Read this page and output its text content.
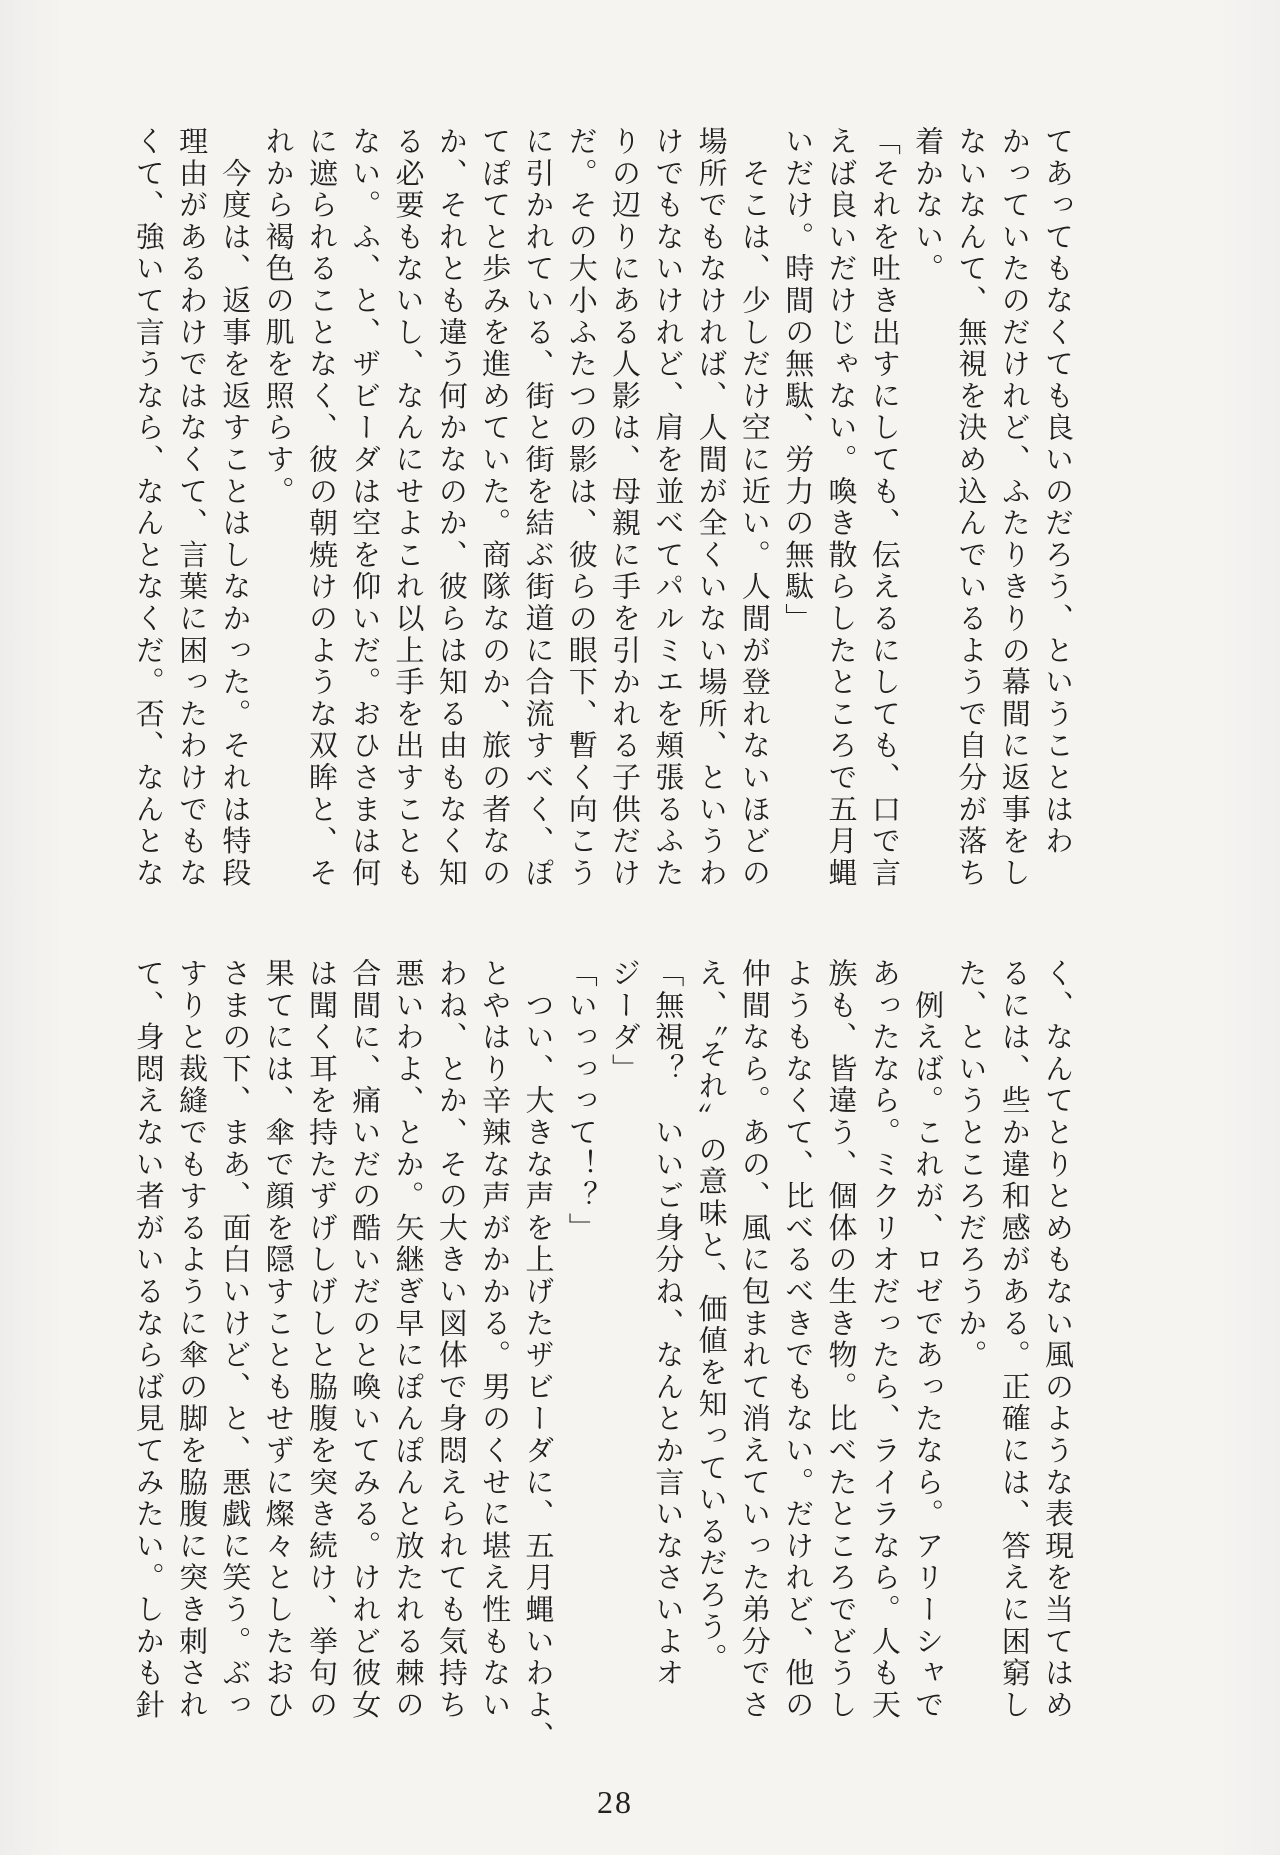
てあってもなくても良いのだろう、ということはわ
かっていたのだけれど、ふたりきりの幕間に返事をし
ないなんて、無視を決め込んでいるようで自分が落ち
着かない。
「それを吐き出すにしても、伝えるにしても、口で言
えば良いだけじゃない。喚き散らしたところで五月蝿
いだけ。時間の無駄、労力の無駄」
　そこは、少しだけ空に近い。人間が登れないほどの
場所でもなければ、人間が全くいない場所、というわ
けでもないけれど、肩を並べてパルミエを頬張るふた
りの辺りにある人影は、母親に手を引かれる子供だけ
だ。その大小ふたつの影は、彼らの眼下、暫く向こう
に引かれている、街と街を結ぶ街道に合流すべく、ぽ
てぽてと歩みを進めていた。商隊なのか、旅の者なの
か、それとも違う何かなのか、彼らは知る由もなく知
る必要もないし、なんにせよこれ以上手を出すことも
ない。ふ、と、ザビーダは空を仰いだ。おひさまは何
に遮られることなく、彼の朝焼けのような双眸と、そ
れから褐色の肌を照らす。
　今度は、返事を返すことはしなかった。それは特段
理由があるわけではなくて、言葉に困ったわけでもな
くて、強いて言うなら、なんとなくだ。否、なんとな
く、なんてとりとめもない風のような表現を当てはめ
るには、些か違和感がある。正確には、答えに困窮し
た、というところだろうか。
　例えば。これが、ロゼであったなら。アリーシャで
あったなら。ミクリオだったら、ライラなら。人も天
族も、皆違う、個体の生き物。比べたところでどうし
ようもなくて、比べるべきでもない。だけれど、他の
仲間なら。あの、風に包まれて消えていった弟分でさ
え、〝それ〟の意味と、価値を知っているだろう。
「無視？　いいご身分ね、なんとか言いなさいよオ
ジーダ」
「いっっって！？」
　つい、大きな声を上げたザビーダに、五月蝿いわよ、
とやはり辛辣な声がかかる。男のくせに堪え性もない
わね、とか、その大きい図体で身悶えられても気持ち
悪いわよ、とか。矢継ぎ早にぽんぽんと放たれる棘の
合間に、痛いだの酷いだのと喚いてみる。けれど彼女
は聞く耳を持たずげしげしと脇腹を突き続け、挙句の
果てには、傘で顔を隠すこともせずに燦々としたおひ
さまの下、まあ、面白いけど、と、悪戯に笑う。ぶっ
すりと裁縫でもするように傘の脚を脇腹に突き刺され
て、身悶えない者がいるならば見てみたい。しかも針
28
